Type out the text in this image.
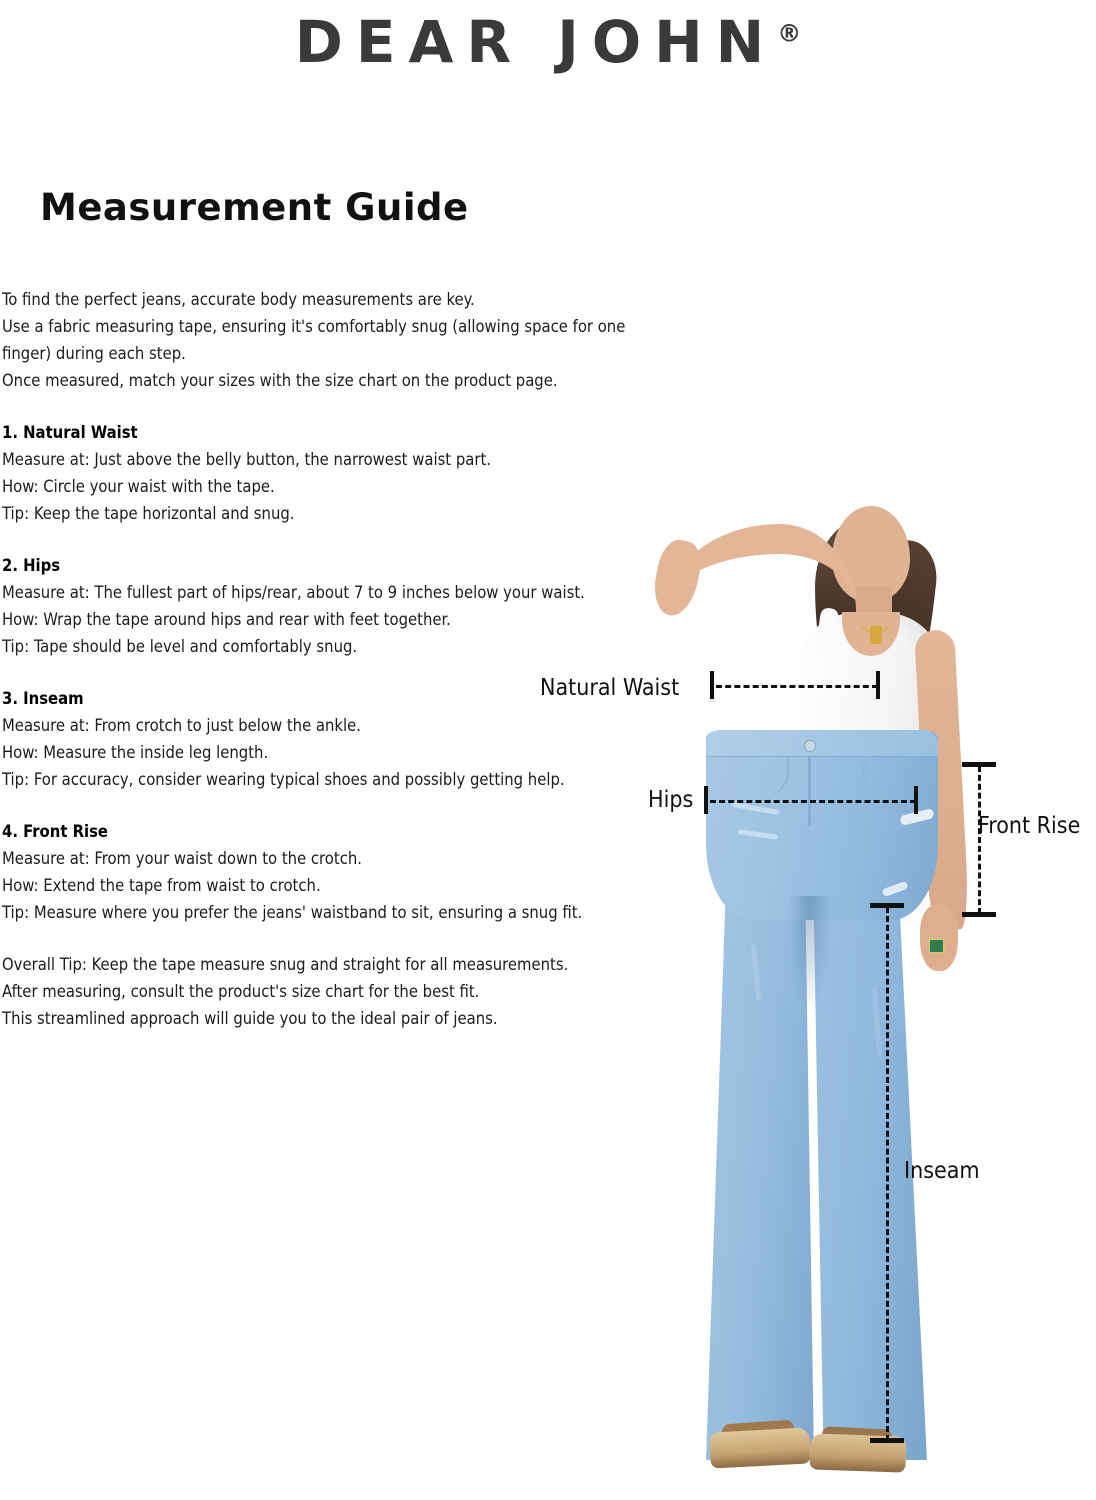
DEAR JOHN®
Measurement Guide

To find the perfect jeans, accurate body measurements are key.

Use a fabric measuring tape, ensuring it's comfortably snug (allowing space for one finger) during each step.

Once measured, match your sizes with the size chart on the product page.

1. Natural Waist

Measure at: Just above the belly button, the narrowest waist part.

How: Circle your waist with the tape.

Tip: Keep the tape horizontal and snug.

2. Hips

Measure at: The fullest part of hips/rear, about 7 to 9 inches below your waist.

How: Wrap the tape around hips and rear with feet together.

Tip: Tape should be level and comfortably snug.

3. Inseam

Measure at: From crotch to just below the ankle.

How: Measure the inside leg length.

Tip: For accuracy, consider wearing typical shoes and possibly getting help.

4. Front Rise

Measure at: From your waist down to the crotch.

How: Extend the tape from waist to crotch.

Tip: Measure where you prefer the jeans' waistband to sit, ensuring a snug fit.

Overall Tip: Keep the tape measure snug and straight for all measurements.

After measuring, consult the product's size chart for the best fit.

This streamlined approach will guide you to the ideal pair of jeans.

Natural Waist
Hips
Front Rise
Inseam
